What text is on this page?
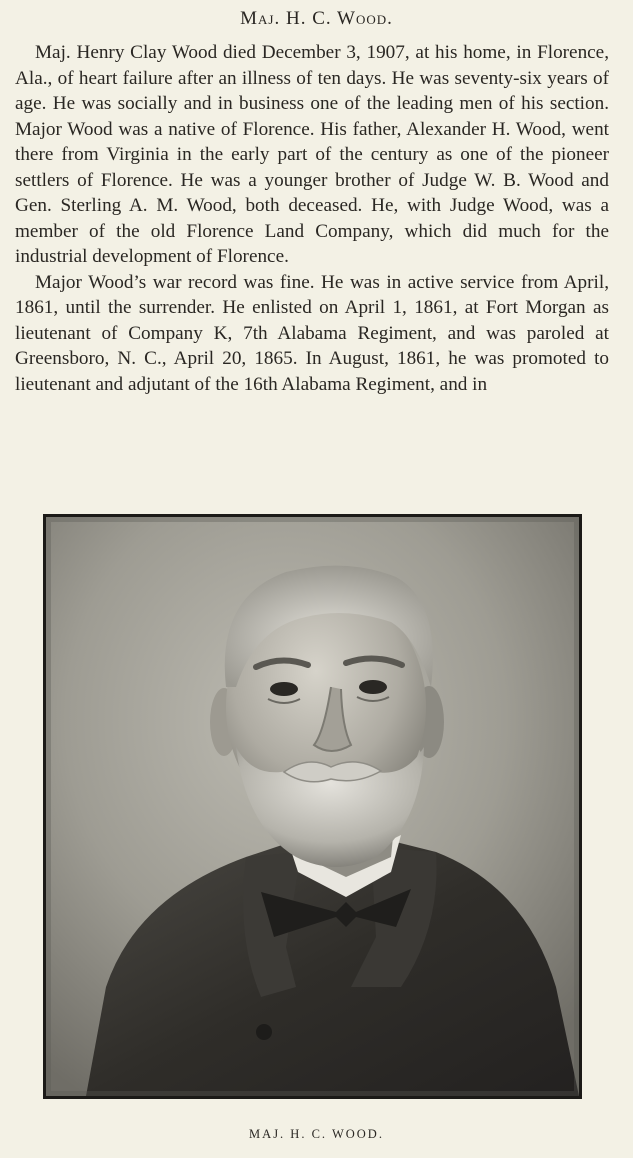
Maj. H. C. Wood.

Maj. Henry Clay Wood died December 3, 1907, at his home, in Florence, Ala., of heart failure after an illness of ten days. He was seventy-six years of age. He was socially and in business one of the leading men of his section. Major Wood was a native of Florence. His father, Alexander H. Wood, went there from Virginia in the early part of the century as one of the pioneer settlers of Florence. He was a younger brother of Judge W. B. Wood and Gen. Sterling A. M. Wood, both deceased. He, with Judge Wood, was a member of the old Florence Land Company, which did much for the industrial development of Florence.

Major Wood’s war record was fine. He was in active service from April, 1861, until the surrender. He enlisted on April 1, 1861, at Fort Morgan as lieutenant of Company K, 7th Alabama Regiment, and was paroled at Greensboro, N. C., April 20, 1865. In August, 1861, he was promoted to lieutenant and adjutant of the 16th Alabama Regiment, and in

MAJ. H. C. WOOD.
